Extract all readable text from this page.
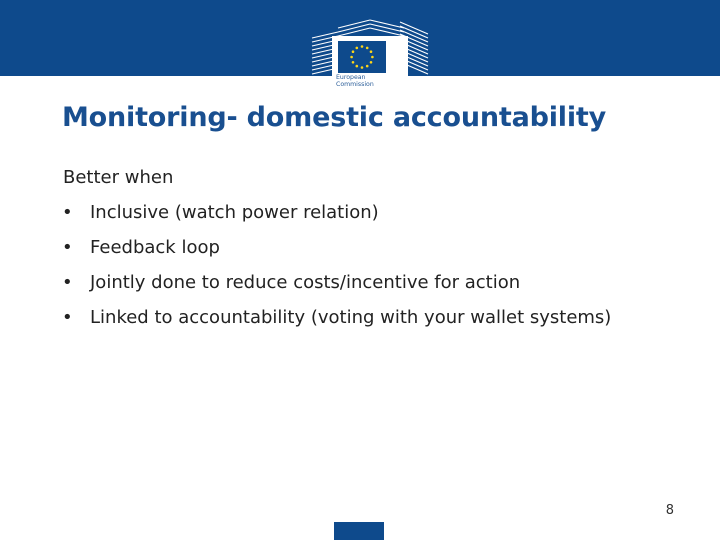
European
Commission
Monitoring- domestic accountability

Better when

• Inclusive (watch power relation)
• Feedback loop
• Jointly done to reduce costs/incentive for action
• Linked to accountability (voting with your wallet systems)
8
